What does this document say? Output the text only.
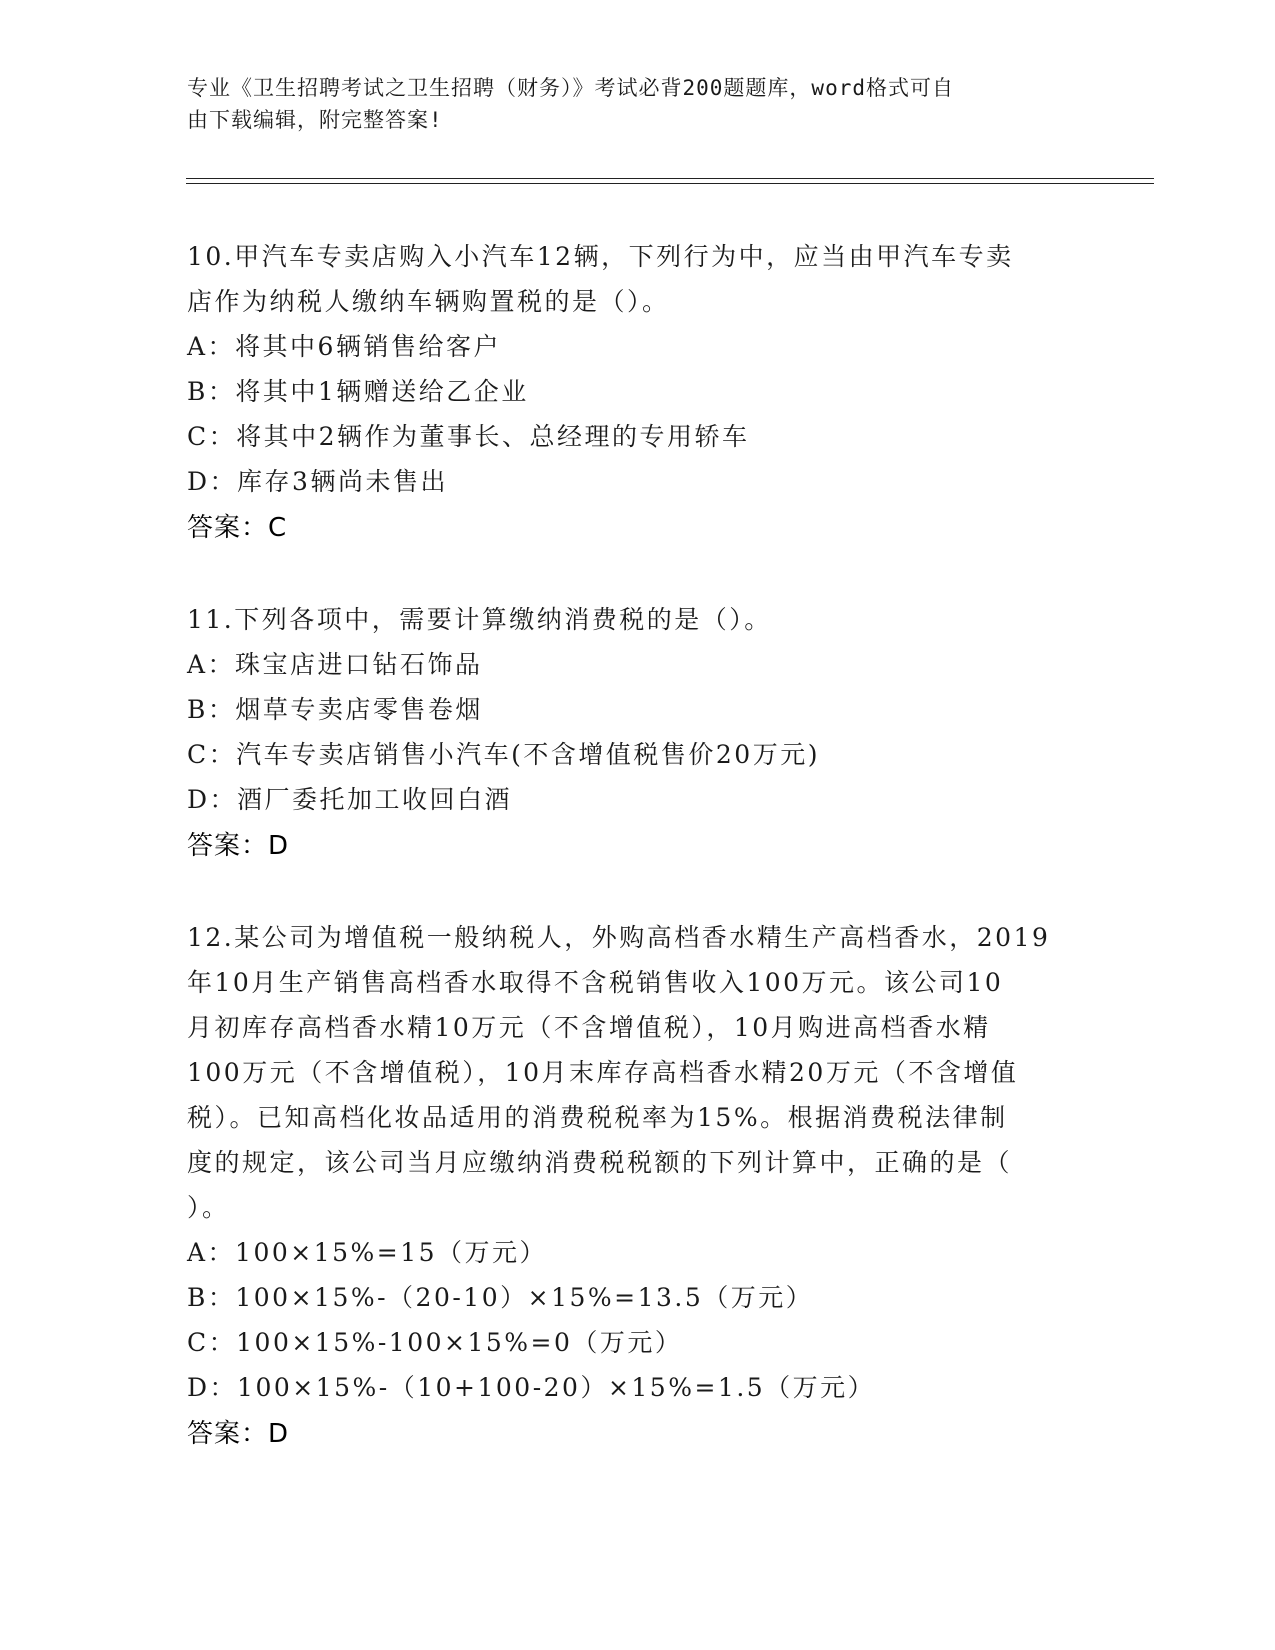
专业《卫生招聘考试之卫生招聘（财务）》考试必背200题题库，word格式可自
由下载编辑，附完整答案!
10.甲汽车专卖店购入小汽车12辆，下列行为中，应当由甲汽车专卖
店作为纳税人缴纳车辆购置税的是（）。
A：将其中6辆销售给客户
B：将其中1辆赠送给乙企业
C：将其中2辆作为董事长、总经理的专用轿车
D：库存3辆尚未售出
答案：C
11.下列各项中，需要计算缴纳消费税的是（）。
A：珠宝店进口钻石饰品
B：烟草专卖店零售卷烟
C：汽车专卖店销售小汽车(不含增值税售价20万元)
D：酒厂委托加工收回白酒
答案：D
12.某公司为增值税一般纳税人，外购高档香水精生产高档香水，2019
年10月生产销售高档香水取得不含税销售收入100万元。该公司10
月初库存高档香水精10万元（不含增值税），10月购进高档香水精
100万元（不含增值税），10月末库存高档香水精20万元（不含增值
税）。已知高档化妆品适用的消费税税率为15%。根据消费税法律制
度的规定，该公司当月应缴纳消费税税额的下列计算中，正确的是（
）。
A：100×15%=15（万元）
B：100×15%-（20-10）×15%=13.5（万元）
C：100×15%-100×15%=0（万元）
D：100×15%-（10+100-20）×15%=1.5（万元）
答案：D
